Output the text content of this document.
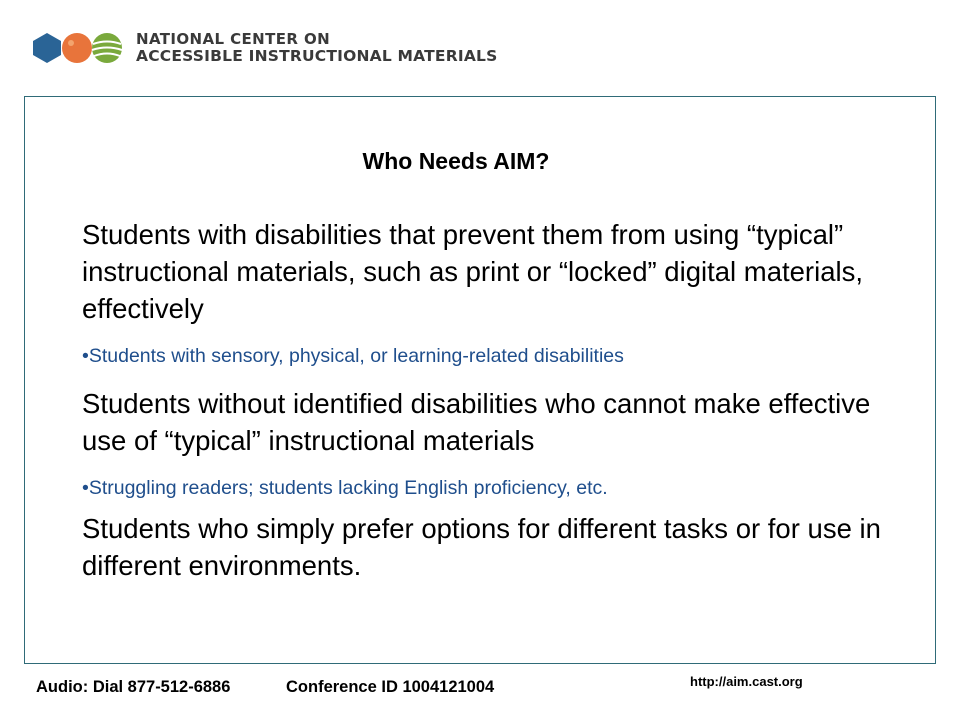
NATIONAL CENTER ON
ACCESSIBLE INSTRUCTIONAL MATERIALS
Who Needs AIM?

Students with disabilities that prevent them from using “typical” instructional materials, such as print or “locked” digital materials, effectively

•Students with sensory, physical, or learning-related disabilities

Students without identified disabilities who cannot make effective use of “typical” instructional materials

•Struggling readers; students lacking English proficiency, etc.

Students who simply prefer options for different tasks or for use in different environments.

Audio: Dial 877-512-6886	Conference ID 1004121004	http://aim.cast.org
